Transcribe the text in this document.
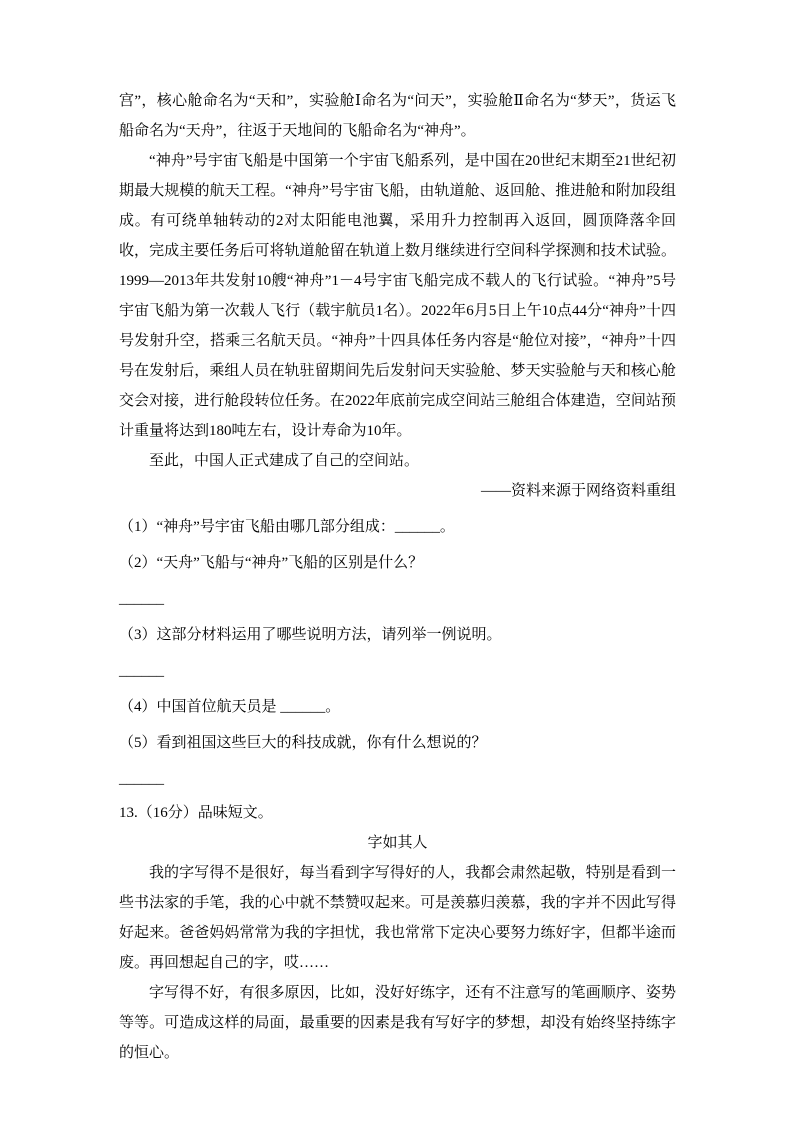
宫”，核心舱命名为“天和”，实验舱Ⅰ命名为“问天”，实验舱Ⅱ命名为“梦天”，货运飞船命名为“天舟”，往返于天地间的飞船命名为“神舟”。

“神舟”号宇宙飞船是中国第一个宇宙飞船系列，是中国在20世纪末期至21世纪初期最大规模的航天工程。“神舟”号宇宙飞船，由轨道舱、返回舱、推进舱和附加段组成。有可绕单轴转动的2对太阳能电池翼，采用升力控制再入返回，圆顶降落伞回收，完成主要任务后可将轨道舱留在轨道上数月继续进行空间科学探测和技术试验。1999—2013年共发射10艘“神舟”1－4号宇宙飞船完成不载人的飞行试验。“神舟”5号宇宙飞船为第一次载人飞行（载宇航员1名）。2022年6月5日上午10点44分“神舟”十四号发射升空，搭乘三名航天员。“神舟”十四具体任务内容是“舱位对接”，“神舟”十四号在发射后，乘组人员在轨驻留期间先后发射问天实验舱、梦天实验舱与天和核心舱交会对接，进行舱段转位任务。在2022年底前完成空间站三舱组合体建造，空间站预计重量将达到180吨左右，设计寿命为10年。

至此，中国人正式建成了自己的空间站。

——资料来源于网络资料重组

（1）“神舟”号宇宙飞船由哪几部分组成：______。

（2）“天舟”飞船与“神舟”飞船的区别是什么？

______

（3）这部分材料运用了哪些说明方法，请列举一例说明。

______

（4）中国首位航天员是 ______。

（5）看到祖国这些巨大的科技成就，你有什么想说的？

______

13.（16分）品味短文。

字如其人

我的字写得不是很好，每当看到字写得好的人，我都会肃然起敬，特别是看到一些书法家的手笔，我的心中就不禁赞叹起来。可是羡慕归羡慕，我的字并不因此写得好起来。爸爸妈妈常常为我的字担忧，我也常常下定决心要努力练好字，但都半途而废。再回想起自己的字，哎……

字写得不好，有很多原因，比如，没好好练字，还有不注意写的笔画顺序、姿势等等。可造成这样的局面，最重要的因素是我有写好字的梦想，却没有始终坚持练字的恒心。
